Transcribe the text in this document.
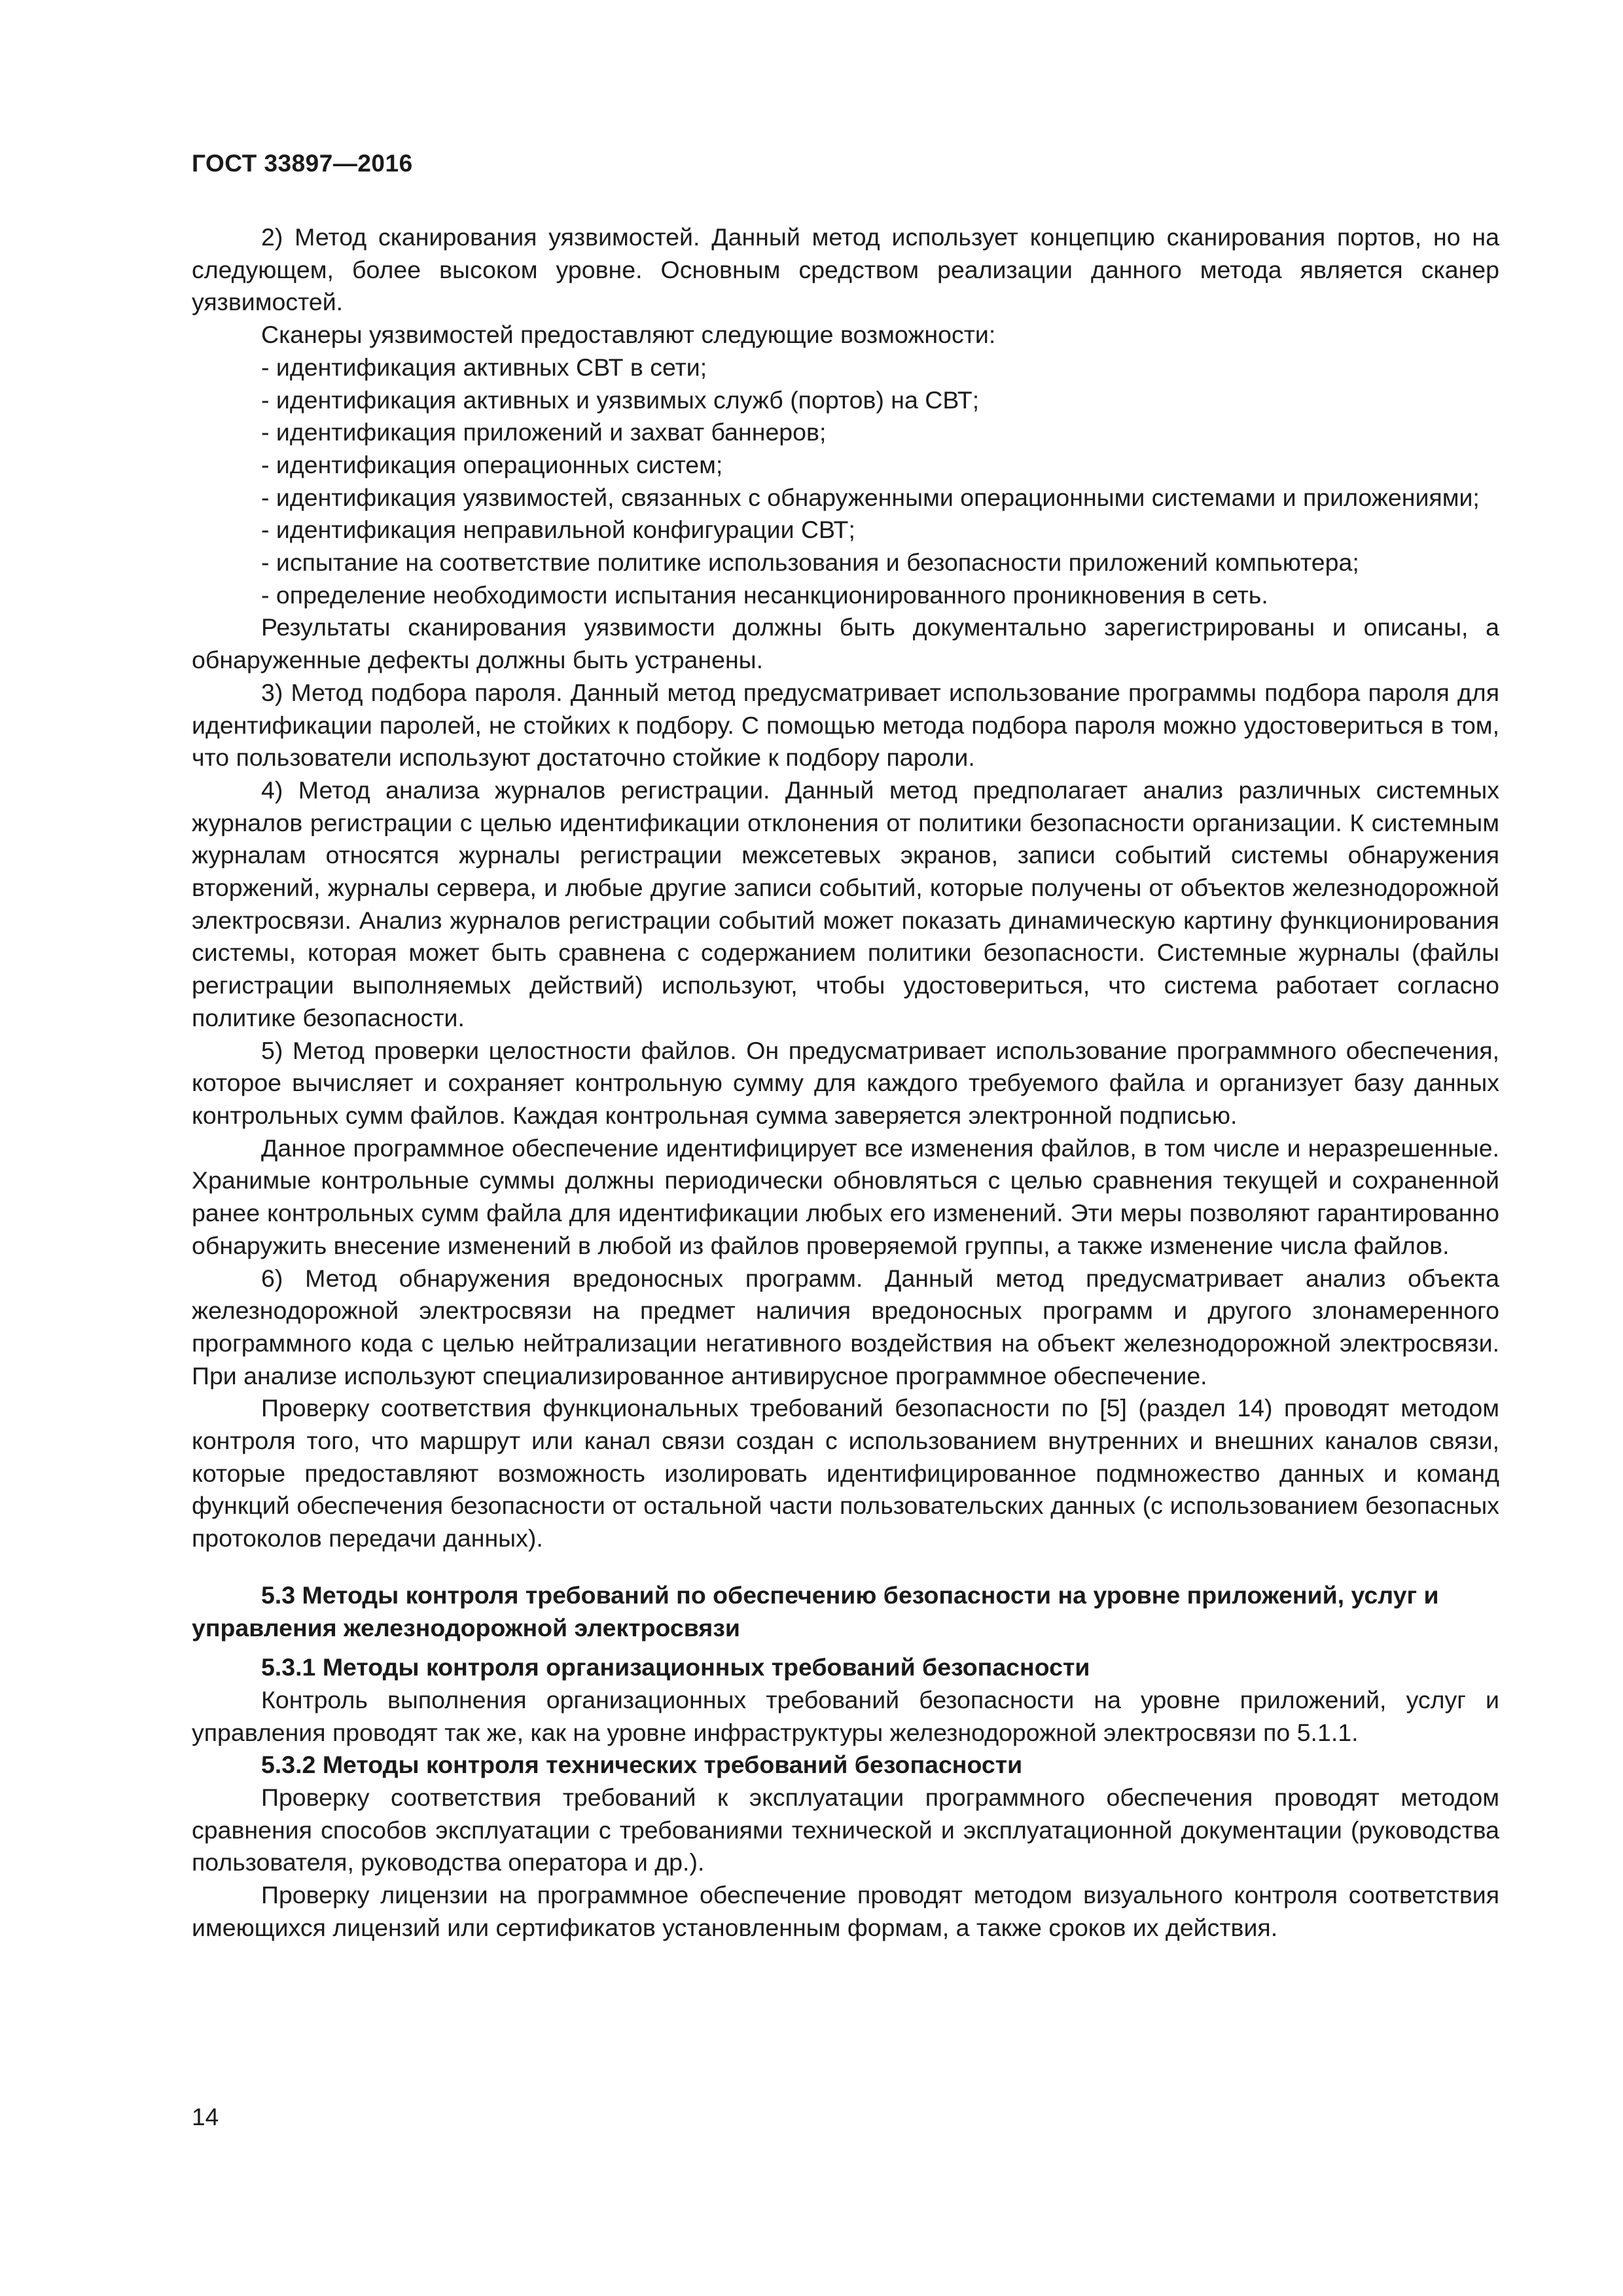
ГОСТ 33897—2016

2) Метод сканирования уязвимостей. Данный метод использует концепцию сканирования портов, но на следующем, более высоком уровне. Основным средством реализации данного метода является сканер уязвимостей.

Сканеры уязвимостей предоставляют следующие возможности:

- идентификация активных СВТ в сети;

- идентификация активных и уязвимых служб (портов) на СВТ;

- идентификация приложений и захват баннеров;

- идентификация операционных систем;

- идентификация уязвимостей, связанных с обнаруженными операционными системами и приложениями;

- идентификация неправильной конфигурации СВТ;

- испытание на соответствие политике использования и безопасности приложений компьютера;

- определение необходимости испытания несанкционированного проникновения в сеть.

Результаты сканирования уязвимости должны быть документально зарегистрированы и описаны, а обнаруженные дефекты должны быть устранены.

3) Метод подбора пароля. Данный метод предусматривает использование программы подбора пароля для идентификации паролей, не стойких к подбору. С помощью метода подбора пароля можно удостовериться в том, что пользователи используют достаточно стойкие к подбору пароли.

4) Метод анализа журналов регистрации. Данный метод предполагает анализ различных системных журналов регистрации с целью идентификации отклонения от политики безопасности организации. К системным журналам относятся журналы регистрации межсетевых экранов, записи событий системы обнаружения вторжений, журналы сервера, и любые другие записи событий, которые получены от объектов железнодорожной электросвязи. Анализ журналов регистрации событий может показать динамическую картину функционирования системы, которая может быть сравнена с содержанием политики безопасности. Системные журналы (файлы регистрации выполняемых действий) используют, чтобы удостовериться, что система работает согласно политике безопасности.

5) Метод проверки целостности файлов. Он предусматривает использование программного обеспечения, которое вычисляет и сохраняет контрольную сумму для каждого требуемого файла и организует базу данных контрольных сумм файлов. Каждая контрольная сумма заверяется электронной подписью.

Данное программное обеспечение идентифицирует все изменения файлов, в том числе и неразрешенные. Хранимые контрольные суммы должны периодически обновляться с целью сравнения текущей и сохраненной ранее контрольных сумм файла для идентификации любых его изменений. Эти меры позволяют гарантированно обнаружить внесение изменений в любой из файлов проверяемой группы, а также изменение числа файлов.

6) Метод обнаружения вредоносных программ. Данный метод предусматривает анализ объекта железнодорожной электросвязи на предмет наличия вредоносных программ и другого злонамеренного программного кода с целью нейтрализации негативного воздействия на объект железнодорожной электросвязи. При анализе используют специализированное антивирусное программное обеспечение.

Проверку соответствия функциональных требований безопасности по [5] (раздел 14) проводят методом контроля того, что маршрут или канал связи создан с использованием внутренних и внешних каналов связи, которые предоставляют возможность изолировать идентифицированное подмножество данных и команд функций обеспечения безопасности от остальной части пользовательских данных (с использованием безопасных протоколов передачи данных).

5.3 Методы контроля требований по обеспечению безопасности на уровне приложений, услуг и управления железнодорожной электросвязи
5.3.1 Методы контроля организационных требований безопасности

Контроль выполнения организационных требований безопасности на уровне приложений, услуг и управления проводят так же, как на уровне инфраструктуры железнодорожной электросвязи по 5.1.1.

5.3.2 Методы контроля технических требований безопасности

Проверку соответствия требований к эксплуатации программного обеспечения проводят методом сравнения способов эксплуатации с требованиями технической и эксплуатационной документации (руководства пользователя, руководства оператора и др.).

Проверку лицензии на программное обеспечение проводят методом визуального контроля соответствия имеющихся лицензий или сертификатов установленным формам, а также сроков их действия.

14
